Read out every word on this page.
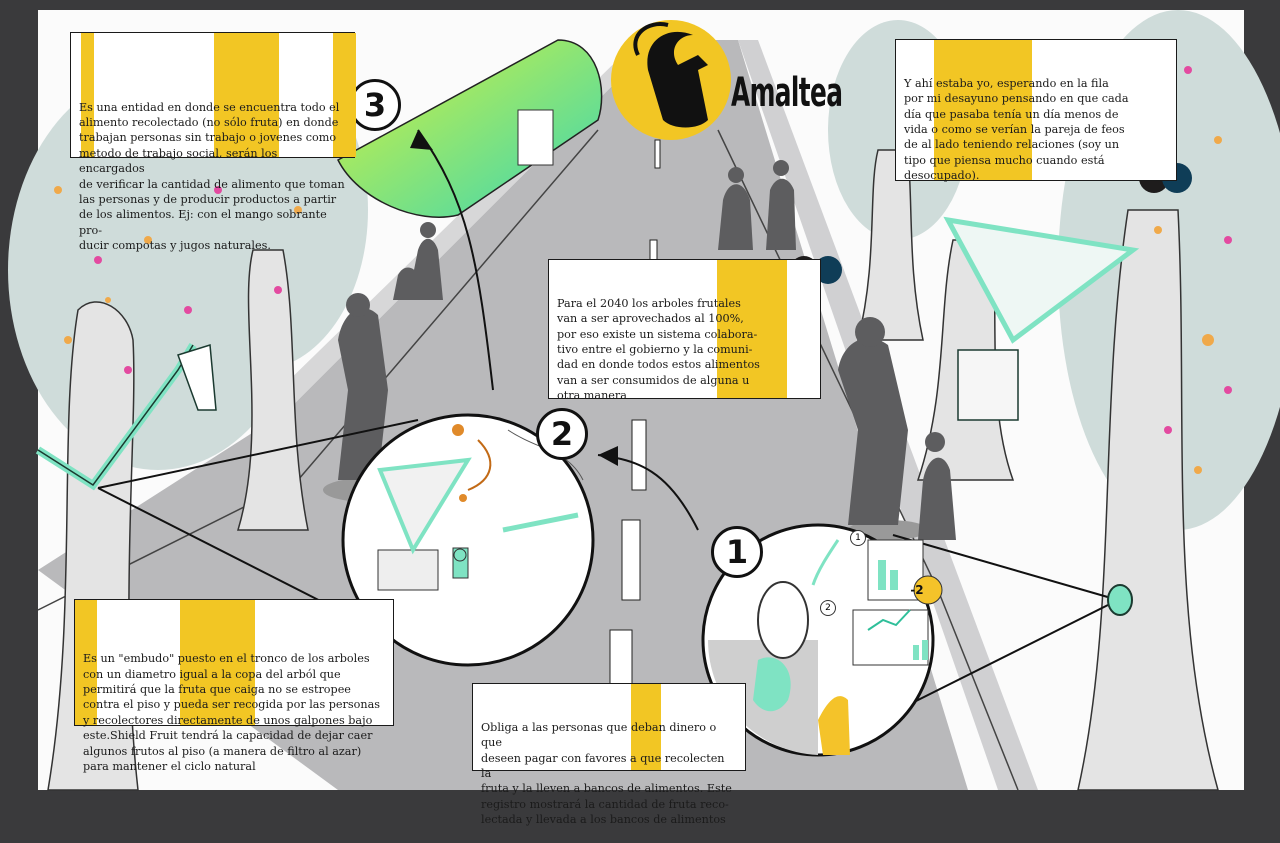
Amaltea
3
2
1

Es una entidad en donde se encuentra todo el
alimento recolectado (no sólo fruta) en donde
trabajan personas sin trabajo o jovenes como
metodo de trabajo social, serán los encargados
de verificar la cantidad de alimento que toman
las personas y de producir productos a partir
de los alimentos. Ej: con el mango sobrante pro-
ducir compotas y jugos naturales.

Y ahí estaba yo, esperando en la fila
por mi desayuno pensando en que cada
día que pasaba tenía un día menos de
vida o como se verían la pareja de feos
de al lado teniendo relaciones (soy un
tipo que piensa mucho cuando está
desocupado).

Para el 2040 los arboles frutales
van a ser aprovechados al 100%,
por eso existe un sistema colabora-
tivo entre el gobierno y la comuni-
dad en donde todos estos alimentos
van a ser consumidos de alguna u
otra manera

Es un "embudo" puesto en el tronco de los arboles
con un diametro igual a la copa del arból que
permitirá que la fruta que caiga no se estropee
contra el piso y pueda ser recogida por las personas
y recolectores directamente de unos galpones bajo
este.Shield Fruit tendrá la capacidad de dejar caer
algunos frutos al piso (a manera de filtro al azar)
para mantener el ciclo natural

Obliga a las personas que deban dinero o que
deseen pagar con favores a que recolecten la
fruta y la lleven a bancos de alimentos. Este
registro mostrará la cantidad de fruta reco-
lectada y llevada a los bancos de alimentos

-2
1
2
